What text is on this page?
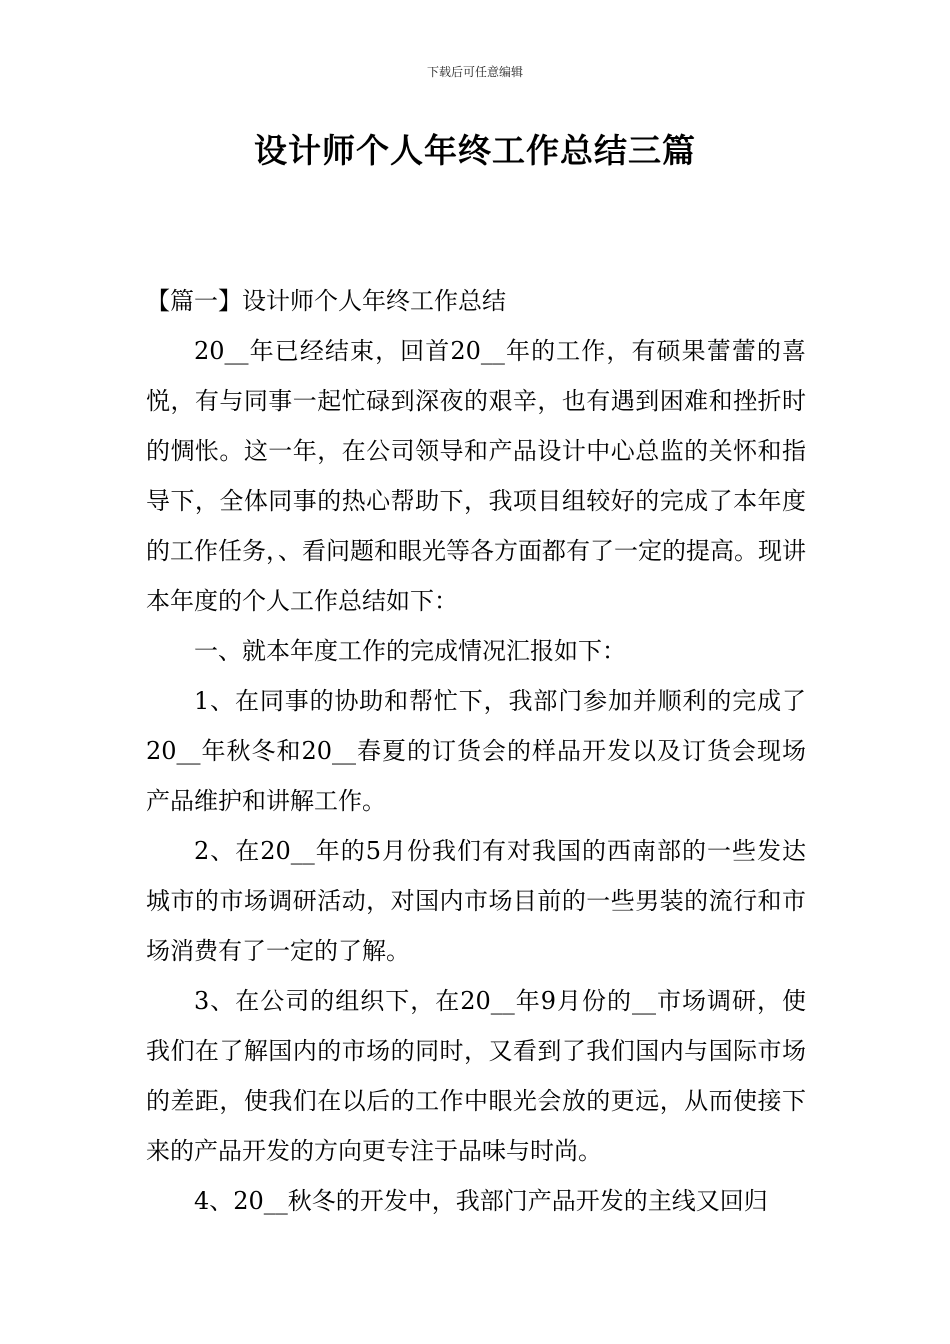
下载后可任意编辑
设计师个人年终工作总结三篇

【篇一】设计师个人年终工作总结

20__年已经结束，回首20__年的工作，有硕果蕾蕾的喜悦，有与同事一起忙碌到深夜的艰辛，也有遇到困难和挫折时的惆怅。这一年，在公司领导和产品设计中心总监的关怀和指导下，全体同事的热心帮助下，我项目组较好的完成了本年度的工作任务，、看问题和眼光等各方面都有了一定的提高。现讲本年度的个人工作总结如下：

一、就本年度工作的完成情况汇报如下：

1、在同事的协助和帮忙下，我部门参加并顺利的完成了20__年秋冬和20__春夏的订货会的样品开发以及订货会现场产品维护和讲解工作。

2、在20__年的5月份我们有对我国的西南部的一些发达城市的市场调研活动，对国内市场目前的一些男装的流行和市场消费有了一定的了解。

3、在公司的组织下，在20__年9月份的__市场调研，使我们在了解国内的市场的同时，又看到了我们国内与国际市场的差距，使我们在以后的工作中眼光会放的更远，从而使接下来的产品开发的方向更专注于品味与时尚。

4、20__秋冬的开发中，我部门产品开发的主线又回归
